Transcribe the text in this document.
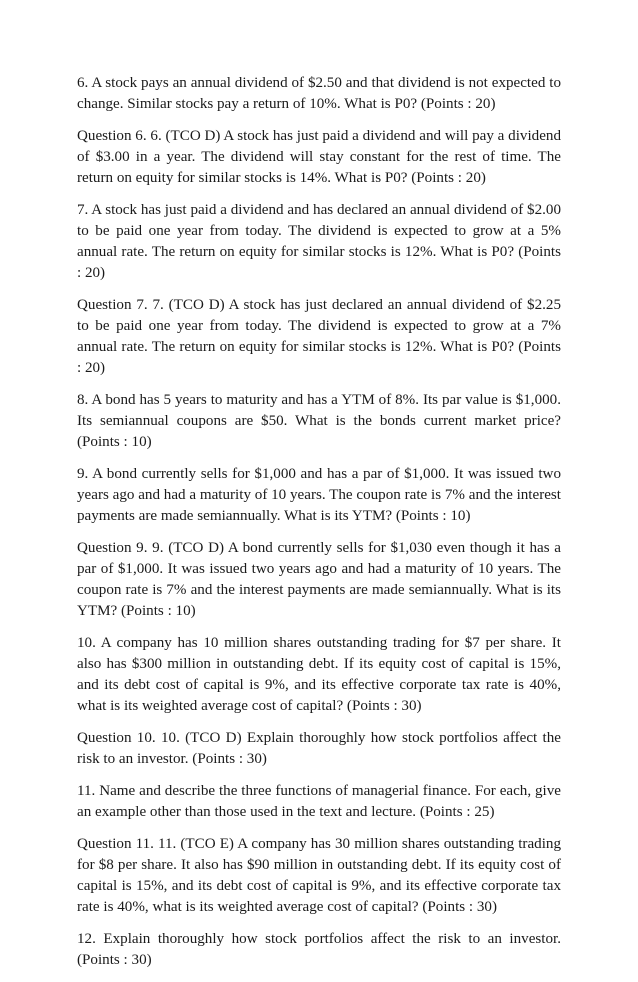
6. A stock pays an annual dividend of $2.50 and that dividend is not expected to change. Similar stocks pay a return of 10%. What is P0? (Points : 20)

Question 6. 6. (TCO D) A stock has just paid a dividend and will pay a dividend of $3.00 in a year. The dividend will stay constant for the rest of time. The return on equity for similar stocks is 14%. What is P0? (Points : 20)

7. A stock has just paid a dividend and has declared an annual dividend of $2.00 to be paid one year from today. The dividend is expected to grow at a 5% annual rate. The return on equity for similar stocks is 12%. What is P0? (Points : 20)

Question 7. 7. (TCO D) A stock has just declared an annual dividend of $2.25 to be paid one year from today. The dividend is expected to grow at a 7% annual rate. The return on equity for similar stocks is 12%. What is P0? (Points : 20)

8. A bond has 5 years to maturity and has a YTM of 8%. Its par value is $1,000. Its semiannual coupons are $50. What is the bonds current market price? (Points : 10)

9. A bond currently sells for $1,000 and has a par of $1,000. It was issued two years ago and had a maturity of 10 years. The coupon rate is 7% and the interest payments are made semiannually. What is its YTM? (Points : 10)

Question 9. 9. (TCO D) A bond currently sells for $1,030 even though it has a par of $1,000. It was issued two years ago and had a maturity of 10 years. The coupon rate is 7% and the interest payments are made semiannually. What is its YTM? (Points : 10)

10. A company has 10 million shares outstanding trading for $7 per share. It also has $300 million in outstanding debt. If its equity cost of capital is 15%, and its debt cost of capital is 9%, and its effective corporate tax rate is 40%, what is its weighted average cost of capital? (Points : 30)

Question 10. 10. (TCO D) Explain thoroughly how stock portfolios affect the risk to an investor. (Points : 30)

11. Name and describe the three functions of managerial finance. For each, give an example other than those used in the text and lecture. (Points : 25)

Question 11. 11. (TCO E) A company has 30 million shares outstanding trading for $8 per share. It also has $90 million in outstanding debt. If its equity cost of capital is 15%, and its debt cost of capital is 9%, and its effective corporate tax rate is 40%, what is its weighted average cost of capital? (Points : 30)

12. Explain thoroughly how stock portfolios affect the risk to an investor. (Points : 30)
